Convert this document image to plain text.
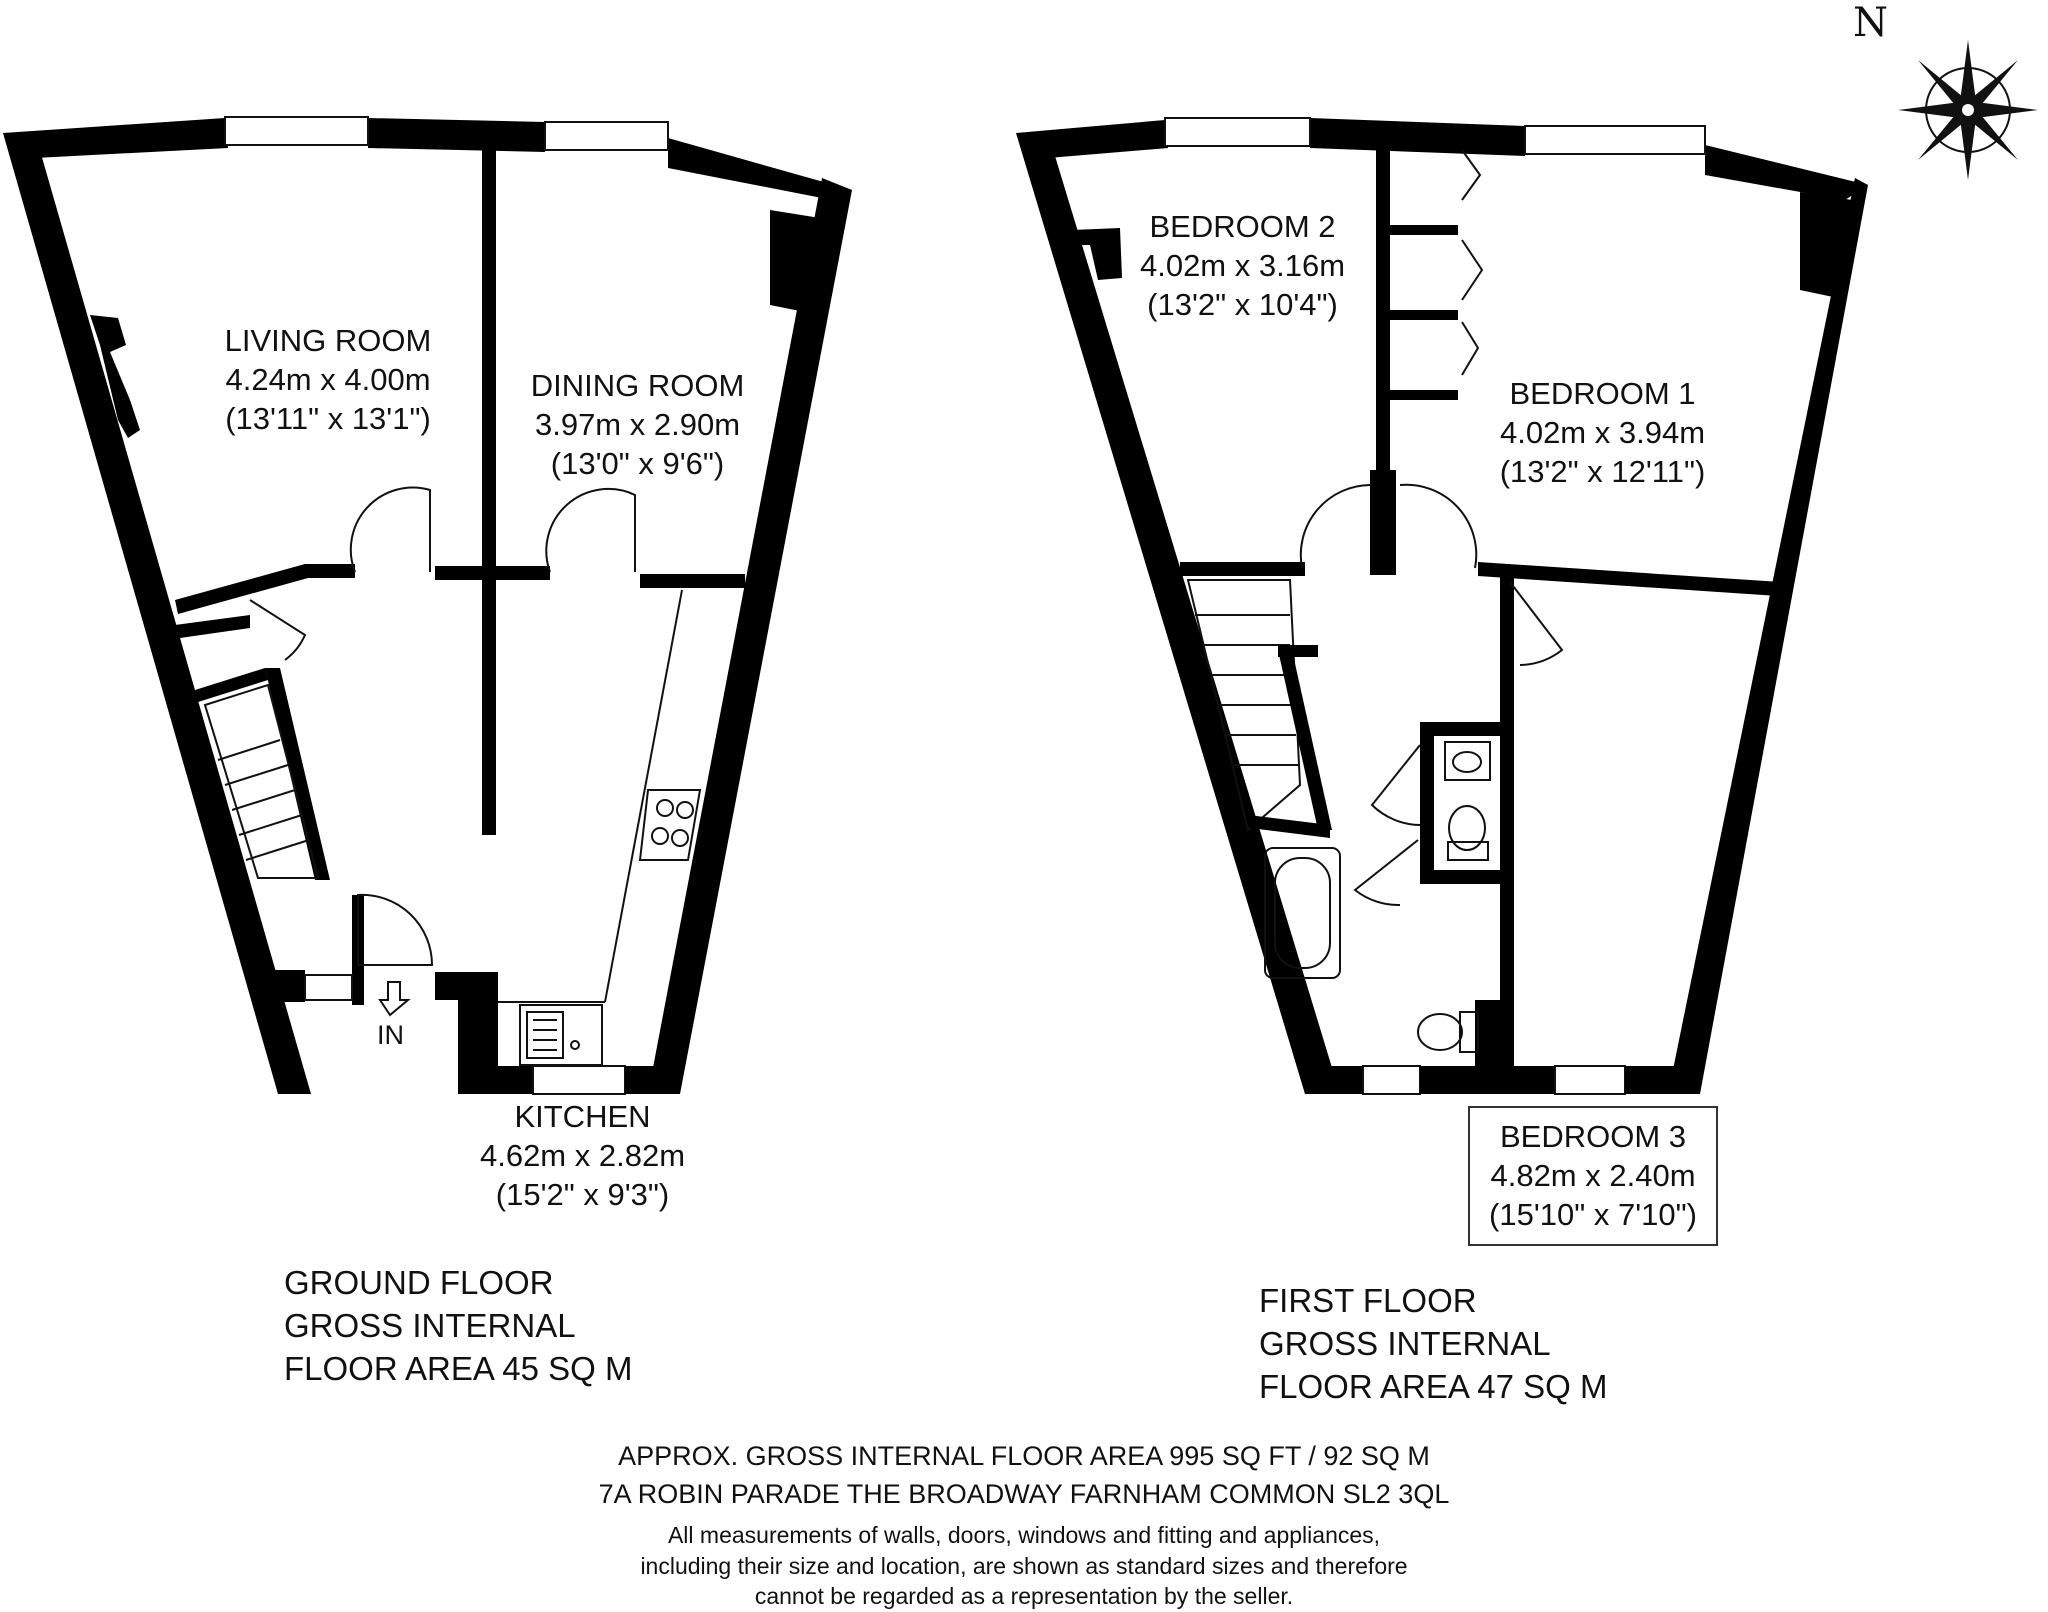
N
LIVING ROOM
4.24m x 4.00m
(13'11" x 13'1")
DINING ROOM
3.97m x 2.90m
(13'0" x 9'6")
KITCHEN
4.62m x 2.82m
(15'2" x 9'3")
IN
BEDROOM 2
4.02m x 3.16m
(13'2" x 10'4")
BEDROOM 1
4.02m x 3.94m
(13'2" x 12'11")
BEDROOM 3
4.82m x 2.40m
(15'10" x 7'10")
GROUND FLOOR
GROSS INTERNAL
FLOOR AREA 45 SQ M
FIRST FLOOR
GROSS INTERNAL
FLOOR AREA 47 SQ M
APPROX. GROSS INTERNAL FLOOR AREA 995 SQ FT / 92 SQ M
7A ROBIN PARADE THE BROADWAY FARNHAM COMMON SL2 3QL
All measurements of walls, doors, windows and fitting and appliances,
including their size and location, are shown as standard sizes and therefore
cannot be regarded as a representation by the seller.
